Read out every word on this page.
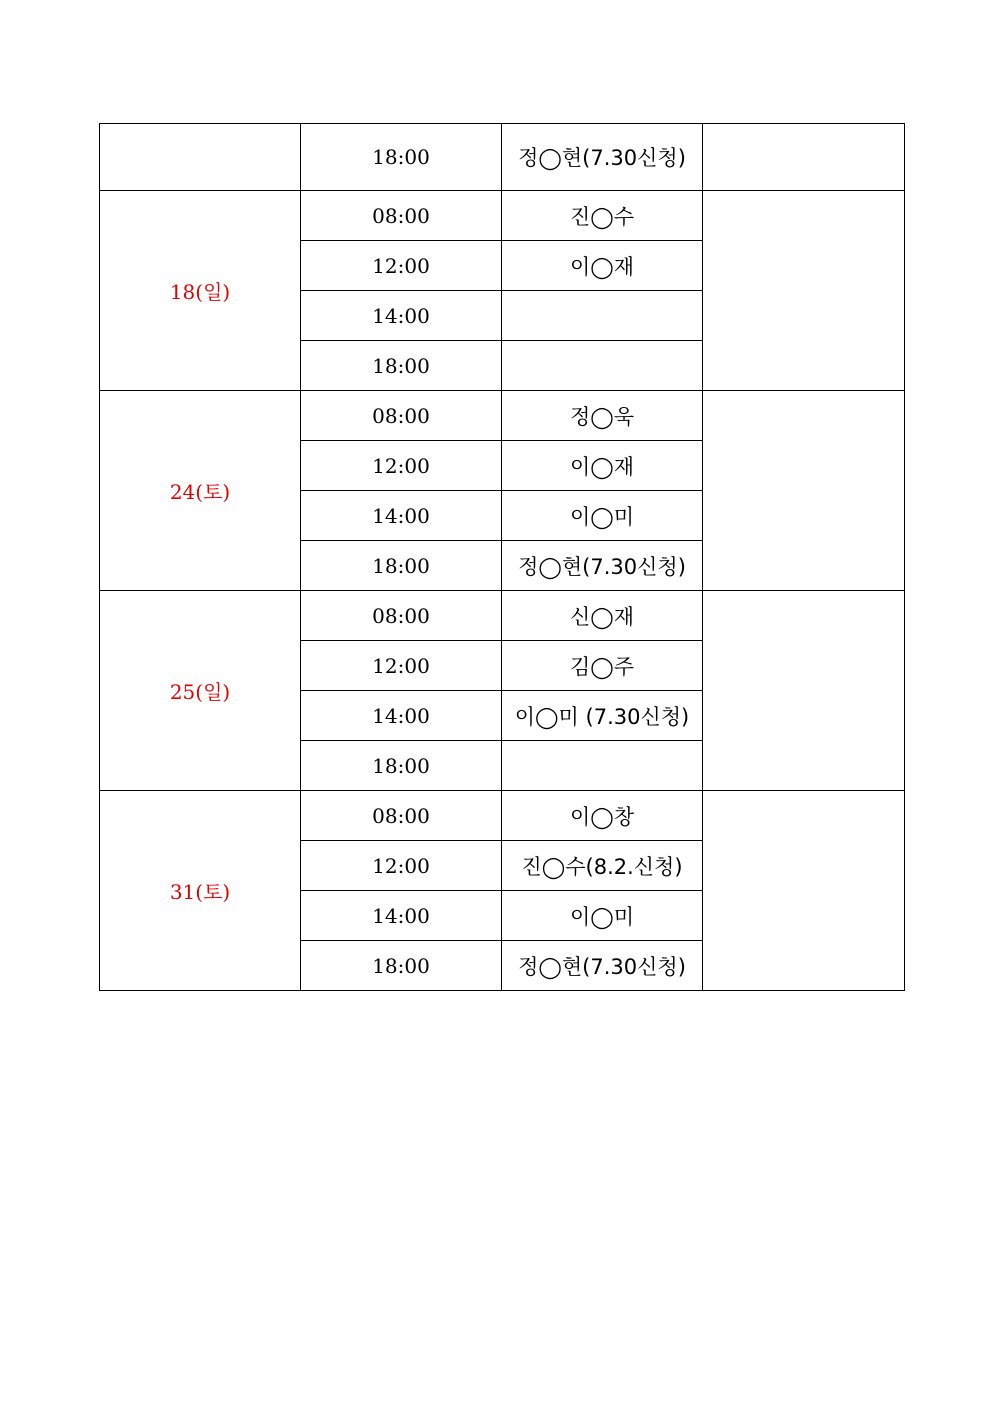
	18:00	정◯현(7.30신청)	
18(일)	08:00	진◯수	
	12:00	이◯재	
	14:00		
	18:00		
24(토)	08:00	정◯욱	
	12:00	이◯재	
	14:00	이◯미	
	18:00	정◯현(7.30신청)	
25(일)	08:00	신◯재	
	12:00	김◯주	
	14:00	이◯미 (7.30신청)	
	18:00		
31(토)	08:00	이◯창	
	12:00	진◯수(8.2.신청)	
	14:00	이◯미	
	18:00	정◯현(7.30신청)	
